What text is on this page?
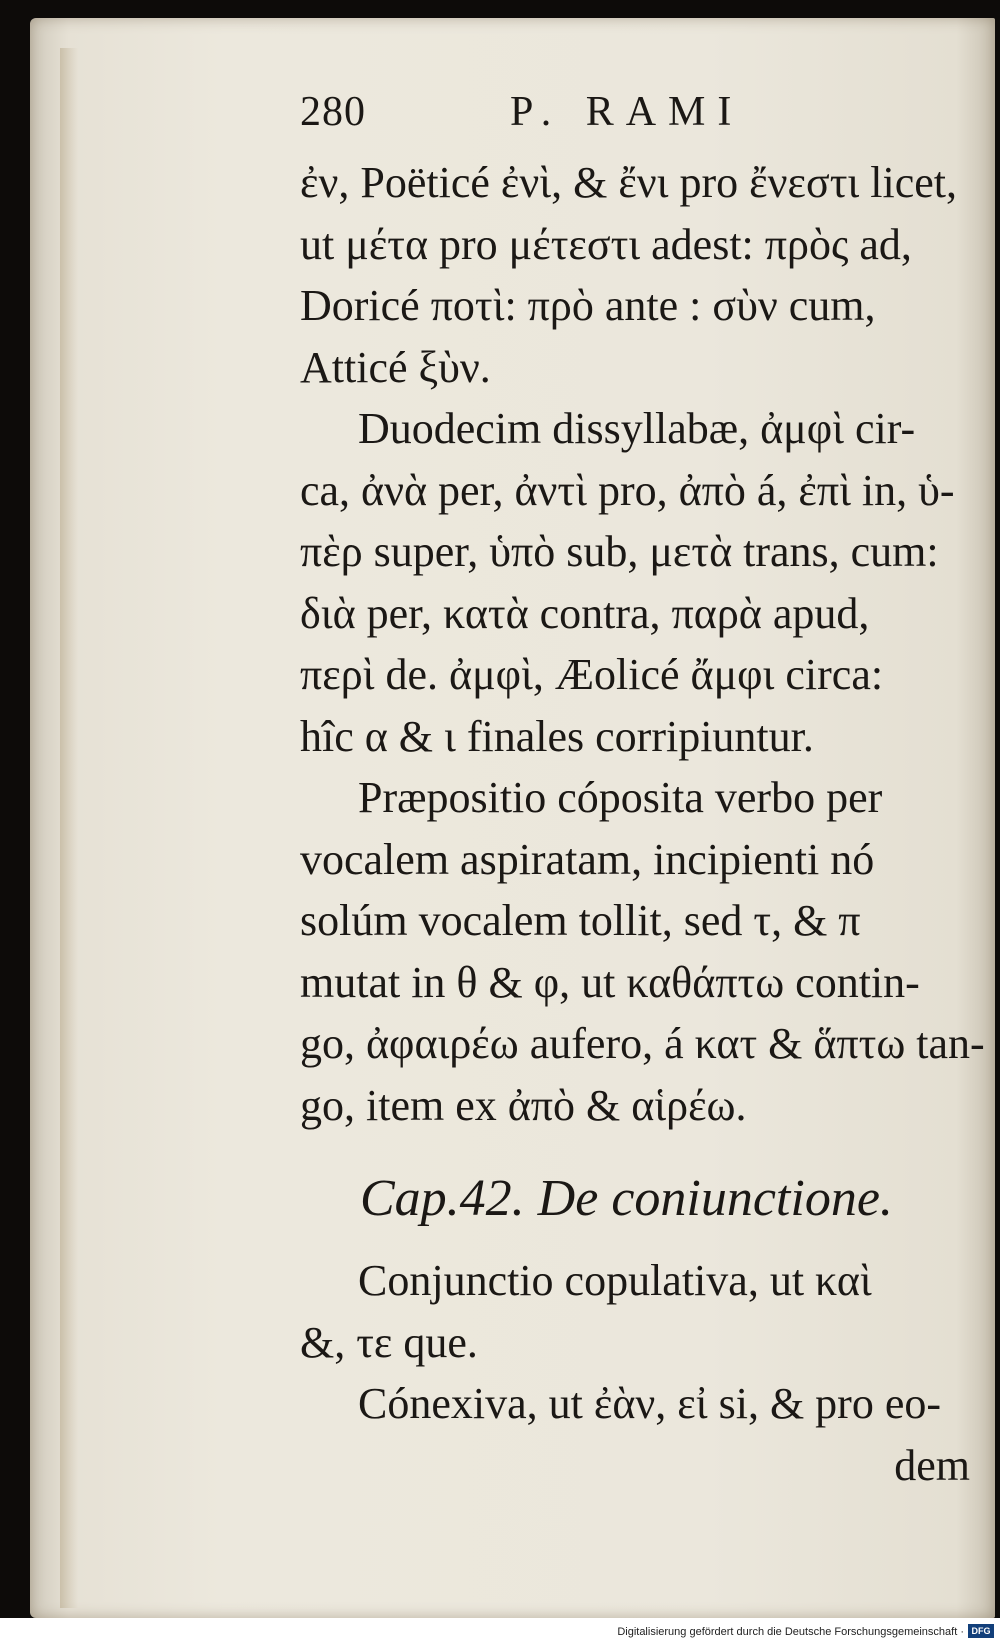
280	P. RAMI
ἐν, Poëticé ἐνὶ, & ἔνι pro ἔνεστι licet,
ut μέτα pro μέτεστι adest: πρὸς ad,
Doricé ποτὶ: πρὸ ante : σὺν cum,
Atticé ξὺν.
Duodecim dissyllabæ, ἀμφὶ cir-
ca, ἀνὰ per, ἀντὶ pro, ἀπὸ á, ἐπὶ in, ὑ-
πὲρ super, ὑπὸ sub, μετὰ trans, cum:
διὰ per, κατὰ contra, παρὰ apud,
περὶ de. ἀμφὶ, Æolicé ἄμφι circa:
hîc α & ι finales corripiuntur.
Præpositio cóposita verbo per
vocalem aspiratam, incipienti nó
solúm vocalem tollit, sed τ, & π
mutat in θ & φ, ut καθάπτω contin-
go, ἀφαιρέω aufero, á κατ & ἅπτω tan-
go, item ex ἀπὸ & αἱρέω.
Cap.42. De coniunctione.
Conjunctio copulativa, ut καὶ
&, τε que.
Cónexiva, ut ἐὰν, εἰ si, & pro eo-
dem
Digitalisierung gefördert durch die Deutsche Forschungsgemeinschaft · DFG
